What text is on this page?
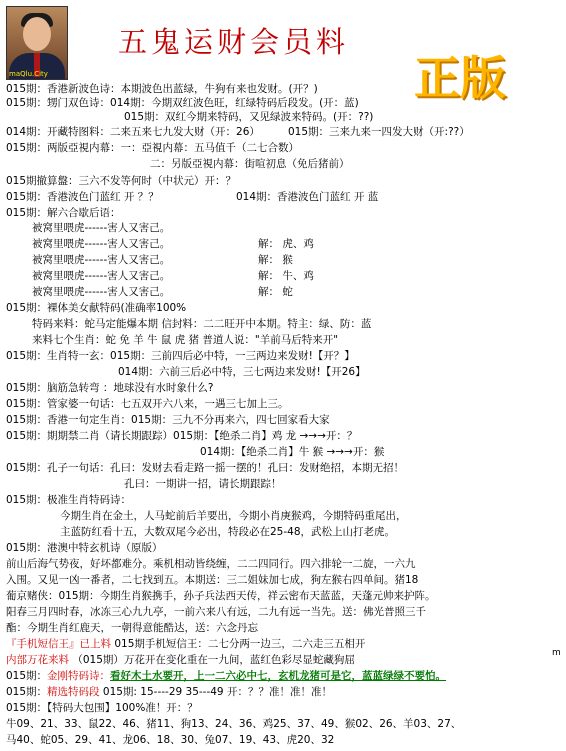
maQlu.City
五鬼运财会员料
正版
015期：香港新波色诗：本期波色出蓝绿，牛狗有来也发财。(开？)
015期：甥门双色诗：014期：今期双红波色旺，红绿特码后段发。(开：蓝)
015期：双红今期来特码，又见绿波来特码。(开：??)
014期：开藏特图料：二来五来七九发大财（开：26）	015期：三来九来一四发大财（开:??）
015期：两版亞視内幕：一：亞視内幕：五马值千（二七合数）
二：另版亞視内幕：街喧初息（免后猪前）
015期撤算盤：三六不发等何时（中状元）开：？
015期：香港波色门蓝红 开 ？？	014期：香港波色门蓝红 开 蓝
015期：解六合歇后语：
被窝里喂虎------害人又害己。
被窝里喂虎------害人又害己。	解： 虎、鸡
被窝里喂虎------害人又害己。	解： 猴
被窝里喂虎------害人又害己。	解： 牛、鸡
被窝里喂虎------害人又害己。	解： 蛇
015期：裸体美女献特码(准确率100%
特码来料：蛇马定能爆本期 信封料：二二旺开中本期。特主：绿、防：蓝
来料七个生肖：蛇 免 羊 牛 鼠 虎 猪 普道人说："羊前马后特来开"
015期：生肖特一玄：015期：三前四后必中特，一三两边来发财!【开？】
014期：六前三后必中特，三七两边来发财!【开26】
015期：脑筋急转弯 ：地球没有水时象什么?
015期：管家婆一句话：七五双开六八来，一遇三七加上三。
015期：香港一句定生肖：015期：三九不分再来六，四七回家看大家
015期：期期禁二肖（请长期跟踪）015期：【绝杀二肖】鸡 龙 →→→开：？
014期：【绝杀二肖】牛 猴 →→→开：猴
015期：孔子一句话：孔曰：发财去看走路一摇一摆的！孔曰：发财绝招，本期无招！
孔曰：一期讲一招，请长期跟踪！
015期：极准生肖特码诗：
今期生肖在金土，人马蛇前后羊要出，今期小肖庚猴鸡，今期特码重尾出，
主蓝防红看十五，大数双尾今必出，特段必在25-48，武松上山打老虎。
015期：港澳中特玄机诗（原版）
前山后海气势夜，好坏都难分。乘机相动皆绕缠，二二四同行。四六排轮一二旋，一六九
入围。又见一凶一番者，二七找到五。本期送：三二姐妹加七成，狗左猴右四单间。猪18
葡京赌侠：015期：今期生肖猴携手，孙子兵法西天传，祥云密布天蓝蓝，天蓬元帅来护阵。
阳春三月四时春，冰冻三心九九亭，一前六来八有远，二九有远一当先。送：佛光普照三千
酯：今期生肖红鹿天，一朝得意能酷达，送：六念丹忘
『手机短信王』已上料 015期手机短信王：二七分两一边三，二六走三五相开
内部万花来料 （015期）万花开在变化重在一九间，蓝红色彩尽显蛇藏狗屈
m
015期：金刚特码诗：看好木土水要开，上一二六必中七，玄机龙猪可是它，蓝蓝绿绿不要怕。
015期：精选特码段 015期: 15----29 35---49 开：？？准！准！准！
015期：【特码大包围】100%准！开：？
牛09、21、33、鼠22、46、猪11、狗13、24、36、鸡25、37、49、猴02、26、羊03、27、
马40、蛇05、29、41、龙06、18、30、兔07、19、43、虎20、32
